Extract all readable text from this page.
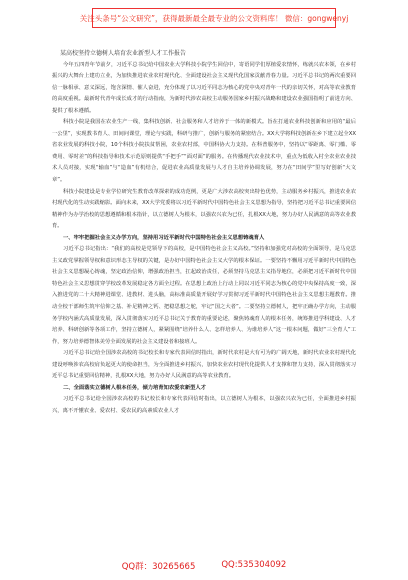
关注头条号“公文研究”，获得最新最全最专业的公文资料库！ 微信：gongwenyj
某高校坚持立德树人培育农业新型人才工作报告

今年五四青年节前夕，习近平总书记给中国农业大学科技小院学生回信中，寄语同学们厚植爱农情怀，练就兴农本领，在乡村振兴的大舞台上建功立业，为加快推进农业农村现代化、全面建设社会主义现代化国家贡献青春力量。习近平总书记的两次重要回信一脉相承、意义深远，饱含深情、催人奋进，充分体现了以习近平同志为核心的党中央对青年一代的亲切关怀，对高等农业教育的高度重视。最新时代青年成长成才的行动指南，为新时代涉农高校主动服务国家乡村振兴战略和建设农业强国指明了前进方向、提供了根本遵循。

科技小院是我国在农业生产一线，集科技创新、社会服务和人才培养于一体的新模式。旨在打通农业科技创新和应用的“最后一公里”，实现教书育人、田间问课堂，理论与实践，科研与推广，创新与服务的紧密结合。XX大学将科技创新在乡下建立起全XX省农业发展的科技小院，10个科技小院扶贫帮困，农业农村部，中国科协大力支持。在科普服务中，坚持以“零距离、零门槛、零费用、零时差”的科技指导和技术示范原则提供“手把手”“面对面”的服务。在传播现代农业技术中，重点为低收入村全农业农业技术人员对接，实现“输血”与“造血”有机结合，促进农业高质量发展与人才自主培养协调发展，努力在“田间学”里写好创新“大文章”。

科技小院建设是专业学位研究生教育改革探索的成功范例，更是广大涉农高校突出特色优势，主动服务乡村振兴，推进农业农村现代化的生动实践缩影。面向未来，XX大学党委将以习近平新时代中国特色社会主义思想为指导，坚持把习近平总书记重要回信精神作为办学治校的思想遵循和根本指针，以立德树人为根本，以强农兴农为已任，扎根XX大地，努力办好人民满意的高等农业教育。

一、牢牢把握社会主义办学方向，坚持用习近平新时代中国特色社会主义思想铸魂育人

习近平总书记指出：“我们的高校是党领导下的高校，是中国特色社会主义高校。”坚持和加强党对高校的全面领导，是马克思主义政党掌握领导权和意识形态主导权的关键，是办好中国特色社会主义大学的根本保证。一要坚持不懈用习近平新时代中国特色社会主义思想凝心铸魂，坚定政治信仰，增强政治担当，扛起政治责任，必须坚持马克思主义指导地位，必须把习近平新时代中国特色社会主义思想贯穿学校改革发展稳定各方面全过程。在思想上政治上行动上同以习近平同志为核心的党中央保持高度一致，深入推进党的二十大精神进课堂、进教材、进头脑，高标准高质量开展好学习贯彻习近平新时代中国特色社会主义思想主题教育。推动全校干部师生筑牢信仰之基、补足精神之钙、把稳思想之舵，牢记“国之大者”。二要坚持立德树人，把牢正确办学方向，主动服务学校内涵式高质量发展，深入贯彻落实习近平总书记关于教育的重要论述，聚焦铸魂育人的根本任务，统筹推进学科建设、人才培养、科研创新等各项工作，坚持立德树人，紧紧围绕“培养什么人、怎样培养人、为谁培养人”这一根本问题，做好“三全育人”工作，努力培养德智体美劳全面发展的社会主义建设者和接班人。

习近平总书记给全国涉农高校的书记校长和专家代表回信时指出，新时代农村是大有可为的广阔天地，新时代农业农村现代化建设呼唤涉农高校肩负起更大的使命担当，为全面推进乡村振兴，加快农业农村现代化提供人才支撑和智力支持，深入贯彻落实习近平总书记重要回信精神，扎根XX大地，努力办好人民满意的高等农业教育。

二、全面落实立德树人根本任务，倾力培育知农爱农新型人才

习近平总书记给全国涉农高校的书记校长和专家代表回信时指出，以立德树人为根本，以强农兴农为已任，全面推进乡村振兴，离不开懂农业、爱农村、爱农民的高素质农业人才

QQ群：30265665	QQ:535304092
